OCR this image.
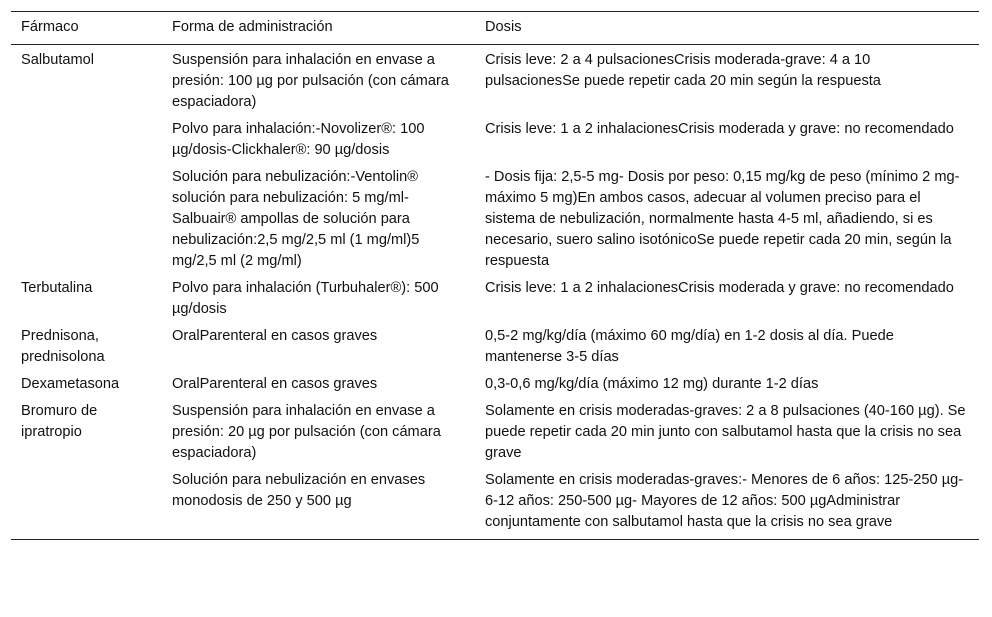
Fármaco	Forma de administración	Dosis
Salbutamol	Suspensión para inhalación en envase a presión: 100 µg por pulsación (con cámara espaciadora)	Crisis leve: 2 a 4 pulsacionesCrisis moderada-grave: 4 a 10 pulsacionesSe puede repetir cada 20 min según la respuesta
	Polvo para inhalación:-Novolizer®: 100 µg/dosis-Clickhaler®: 90 µg/dosis	Crisis leve: 1 a 2 inhalacionesCrisis moderada y grave: no recomendado
	Solución para nebulización:-Ventolin® solución para nebulización: 5 mg/ml-Salbuair® ampollas de solución para nebulización:2,5 mg/2,5 ml (1 mg/ml)5 mg/2,5 ml (2 mg/ml)	- Dosis fija: 2,5-5 mg- Dosis por peso: 0,15 mg/kg de peso (mínimo 2 mg-máximo 5 mg)En ambos casos, adecuar al volumen preciso para el sistema de nebulización, normalmente hasta 4-5 ml, añadiendo, si es necesario, suero salino isotónicoSe puede repetir cada 20 min, según la respuesta
Terbutalina	Polvo para inhalación (Turbuhaler®): 500 µg/dosis	Crisis leve: 1 a 2 inhalacionesCrisis moderada y grave: no recomendado
Prednisona, prednisolona	OralParenteral en casos graves	0,5-2 mg/kg/día (máximo 60 mg/día) en 1-2 dosis al día. Puede mantenerse 3-5 días
Dexametasona	OralParenteral en casos graves	0,3-0,6 mg/kg/día (máximo 12 mg) durante 1-2 días
Bromuro de ipratropio	Suspensión para inhalación en envase a presión: 20 µg por pulsación (con cámara espaciadora)	Solamente en crisis moderadas-graves: 2 a 8 pulsaciones (40-160 µg). Se puede repetir cada 20 min junto con salbutamol hasta que la crisis no sea grave
	Solución para nebulización en envases monodosis de 250 y 500 µg	Solamente en crisis moderadas-graves:- Menores de 6 años: 125-250 µg- 6-12 años: 250-500 µg- Mayores de 12 años: 500 µgAdministrar conjuntamente con salbutamol hasta que la crisis no sea grave
